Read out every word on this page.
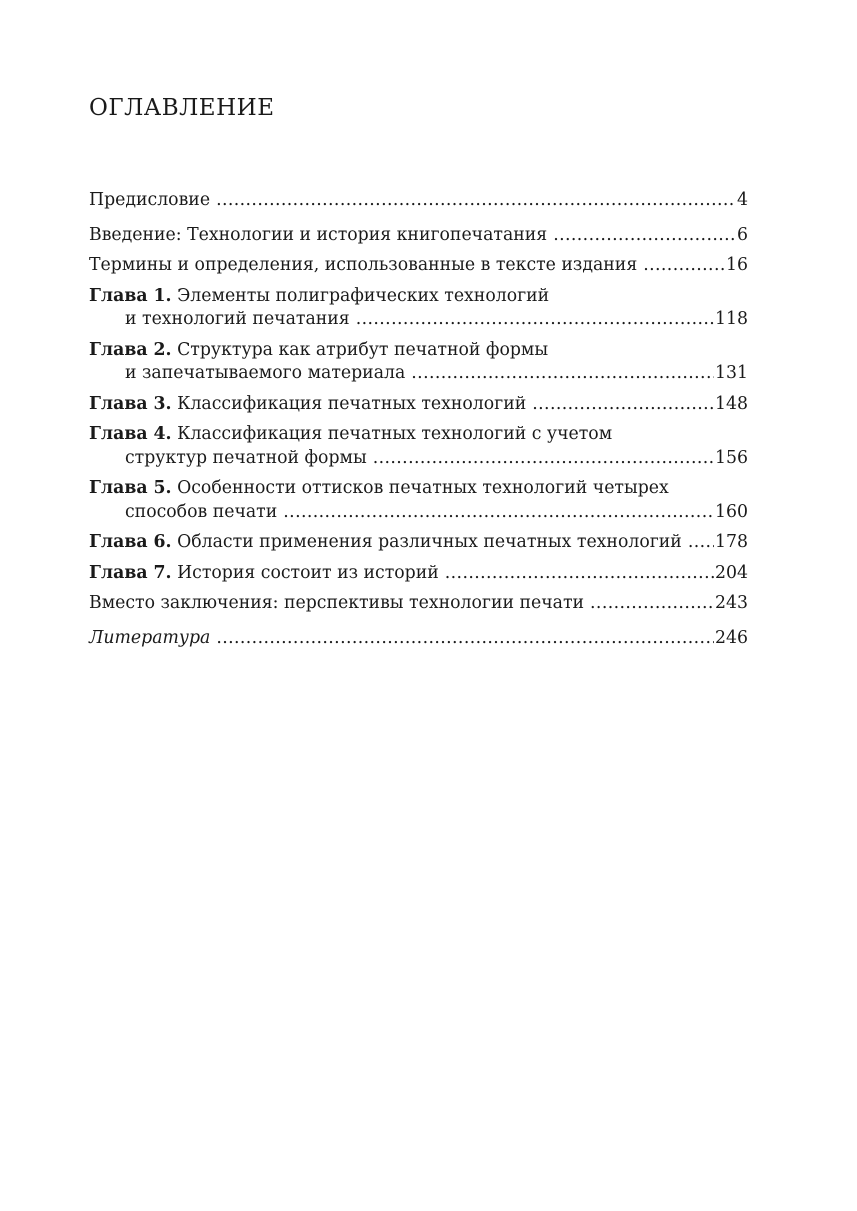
ОГЛАВЛЕНИЕ
Предисловие .....	4
Введение: Технологии и история книгопечатания .....	6
Термины и определения, использованные в тексте издания .....	16
Глава 1.
Элементы полиграфических технологий
и технологий печатания .....	118
Глава 2.
Структура как атрибут печатной формы
и запечатываемого материала .....	131
Глава 3.
Классификация печатных технологий .....	148
Глава 4.
Классификация печатных технологий с учетом
структур печатной формы .....	156
Глава 5.
Особенности оттисков печатных технологий четырех
способов печати .....	160
Глава 6.
Области применения различных печатных технологий ..... 178
Глава 7.
История состоит из историй .....	204
Вместо заключения: перспективы технологии печати .....	243
Литература .....	246
